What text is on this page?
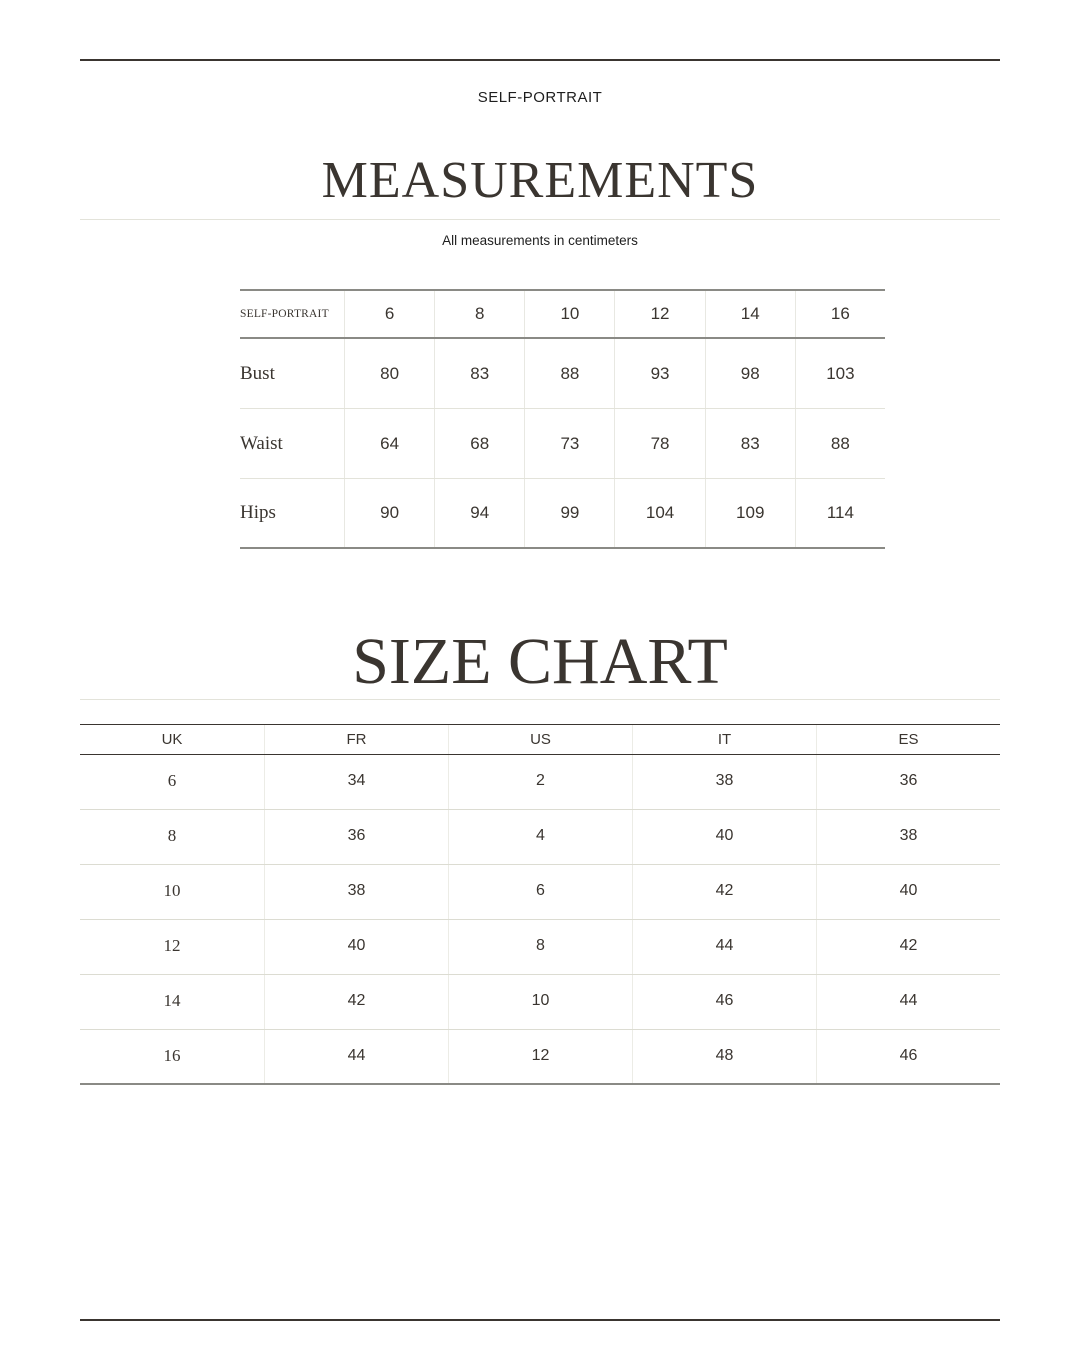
SELF-PORTRAIT
MEASUREMENTS
All measurements in centimeters
SELF-PORTRAIT	6	8	10	12	14	16
Bust	80	83	88	93	98	103
Waist	64	68	73	78	83	88
Hips	90	94	99	104	109	114
SIZE CHART
UK	FR	US	IT	ES
6	34	2	38	36
8	36	4	40	38
10	38	6	42	40
12	40	8	44	42
14	42	10	46	44
16	44	12	48	46
